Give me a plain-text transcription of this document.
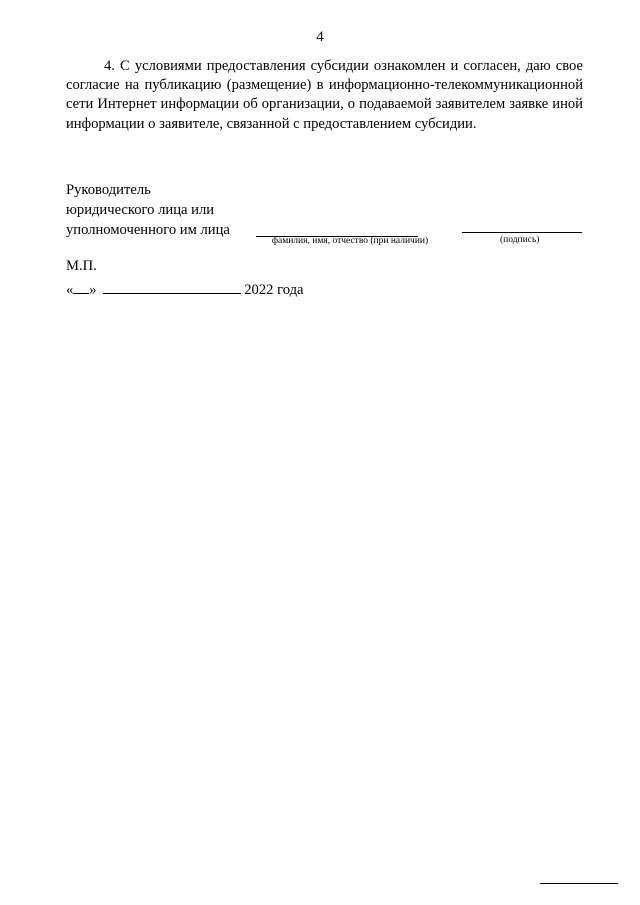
4

4. С условиями предоставления субсидии ознакомлен и согласен, даю свое согласие на публикацию (размещение) в информационно-телекоммуникационной сети Интернет информации об организации, о подаваемой заявителем заявке иной информации о заявителе, связанной с предоставлением субсидии.

Руководитель
юридического лица или
уполномоченного им лица
фамилия, имя, отчество (при наличии)	(подпись)
М.П.
« »	2022 года
